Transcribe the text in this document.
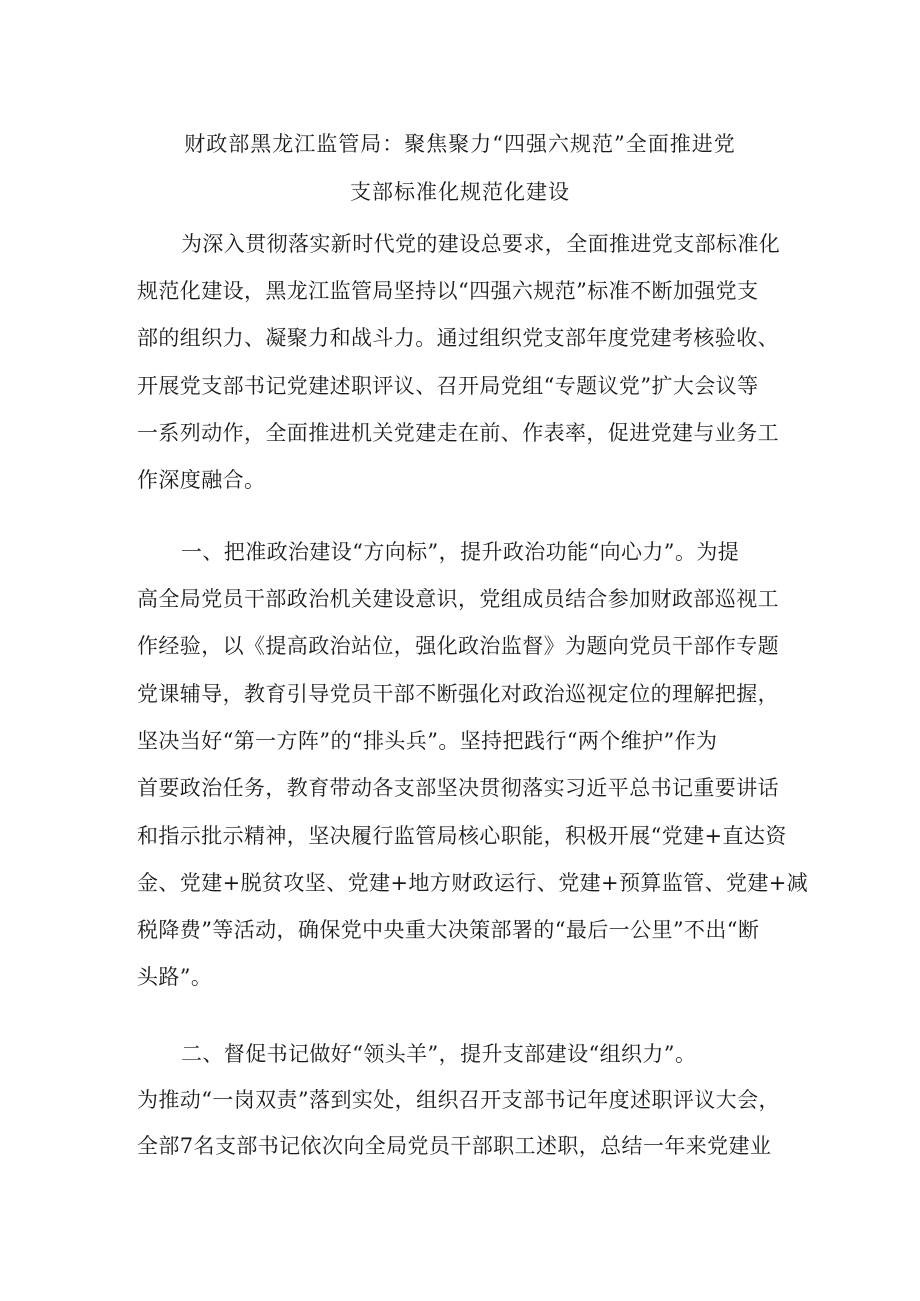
财政部黑龙江监管局：聚焦聚力“四强六规范”全面推进党
支部标准化规范化建设
为深入贯彻落实新时代党的建设总要求，全面推进党支部标准化
规范化建设，黑龙江监管局坚持以“四强六规范”标准不断加强党支
部的组织力、凝聚力和战斗力。通过组织党支部年度党建考核验收、
开展党支部书记党建述职评议、召开局党组“专题议党”扩大会议等
一系列动作，全面推进机关党建走在前、作表率，促进党建与业务工
作深度融合。
一、把准政治建设“方向标”，提升政治功能“向心力”。为提
高全局党员干部政治机关建设意识，党组成员结合参加财政部巡视工
作经验，以《提高政治站位，强化政治监督》为题向党员干部作专题
党课辅导，教育引导党员干部不断强化对政治巡视定位的理解把握，
坚决当好“第一方阵”的“排头兵”。坚持把践行“两个维护”作为
首要政治任务，教育带动各支部坚决贯彻落实习近平总书记重要讲话
和指示批示精神，坚决履行监管局核心职能，积极开展“党建+直达资
金、党建+脱贫攻坚、党建+地方财政运行、党建+预算监管、党建+减
税降费”等活动，确保党中央重大决策部署的“最后一公里”不出“断
头路”。
二、督促书记做好“领头羊”，提升支部建设“组织力”。
为推动“一岗双责”落到实处，组织召开支部书记年度述职评议大会，
全部7名支部书记依次向全局党员干部职工述职，总结一年来党建业
